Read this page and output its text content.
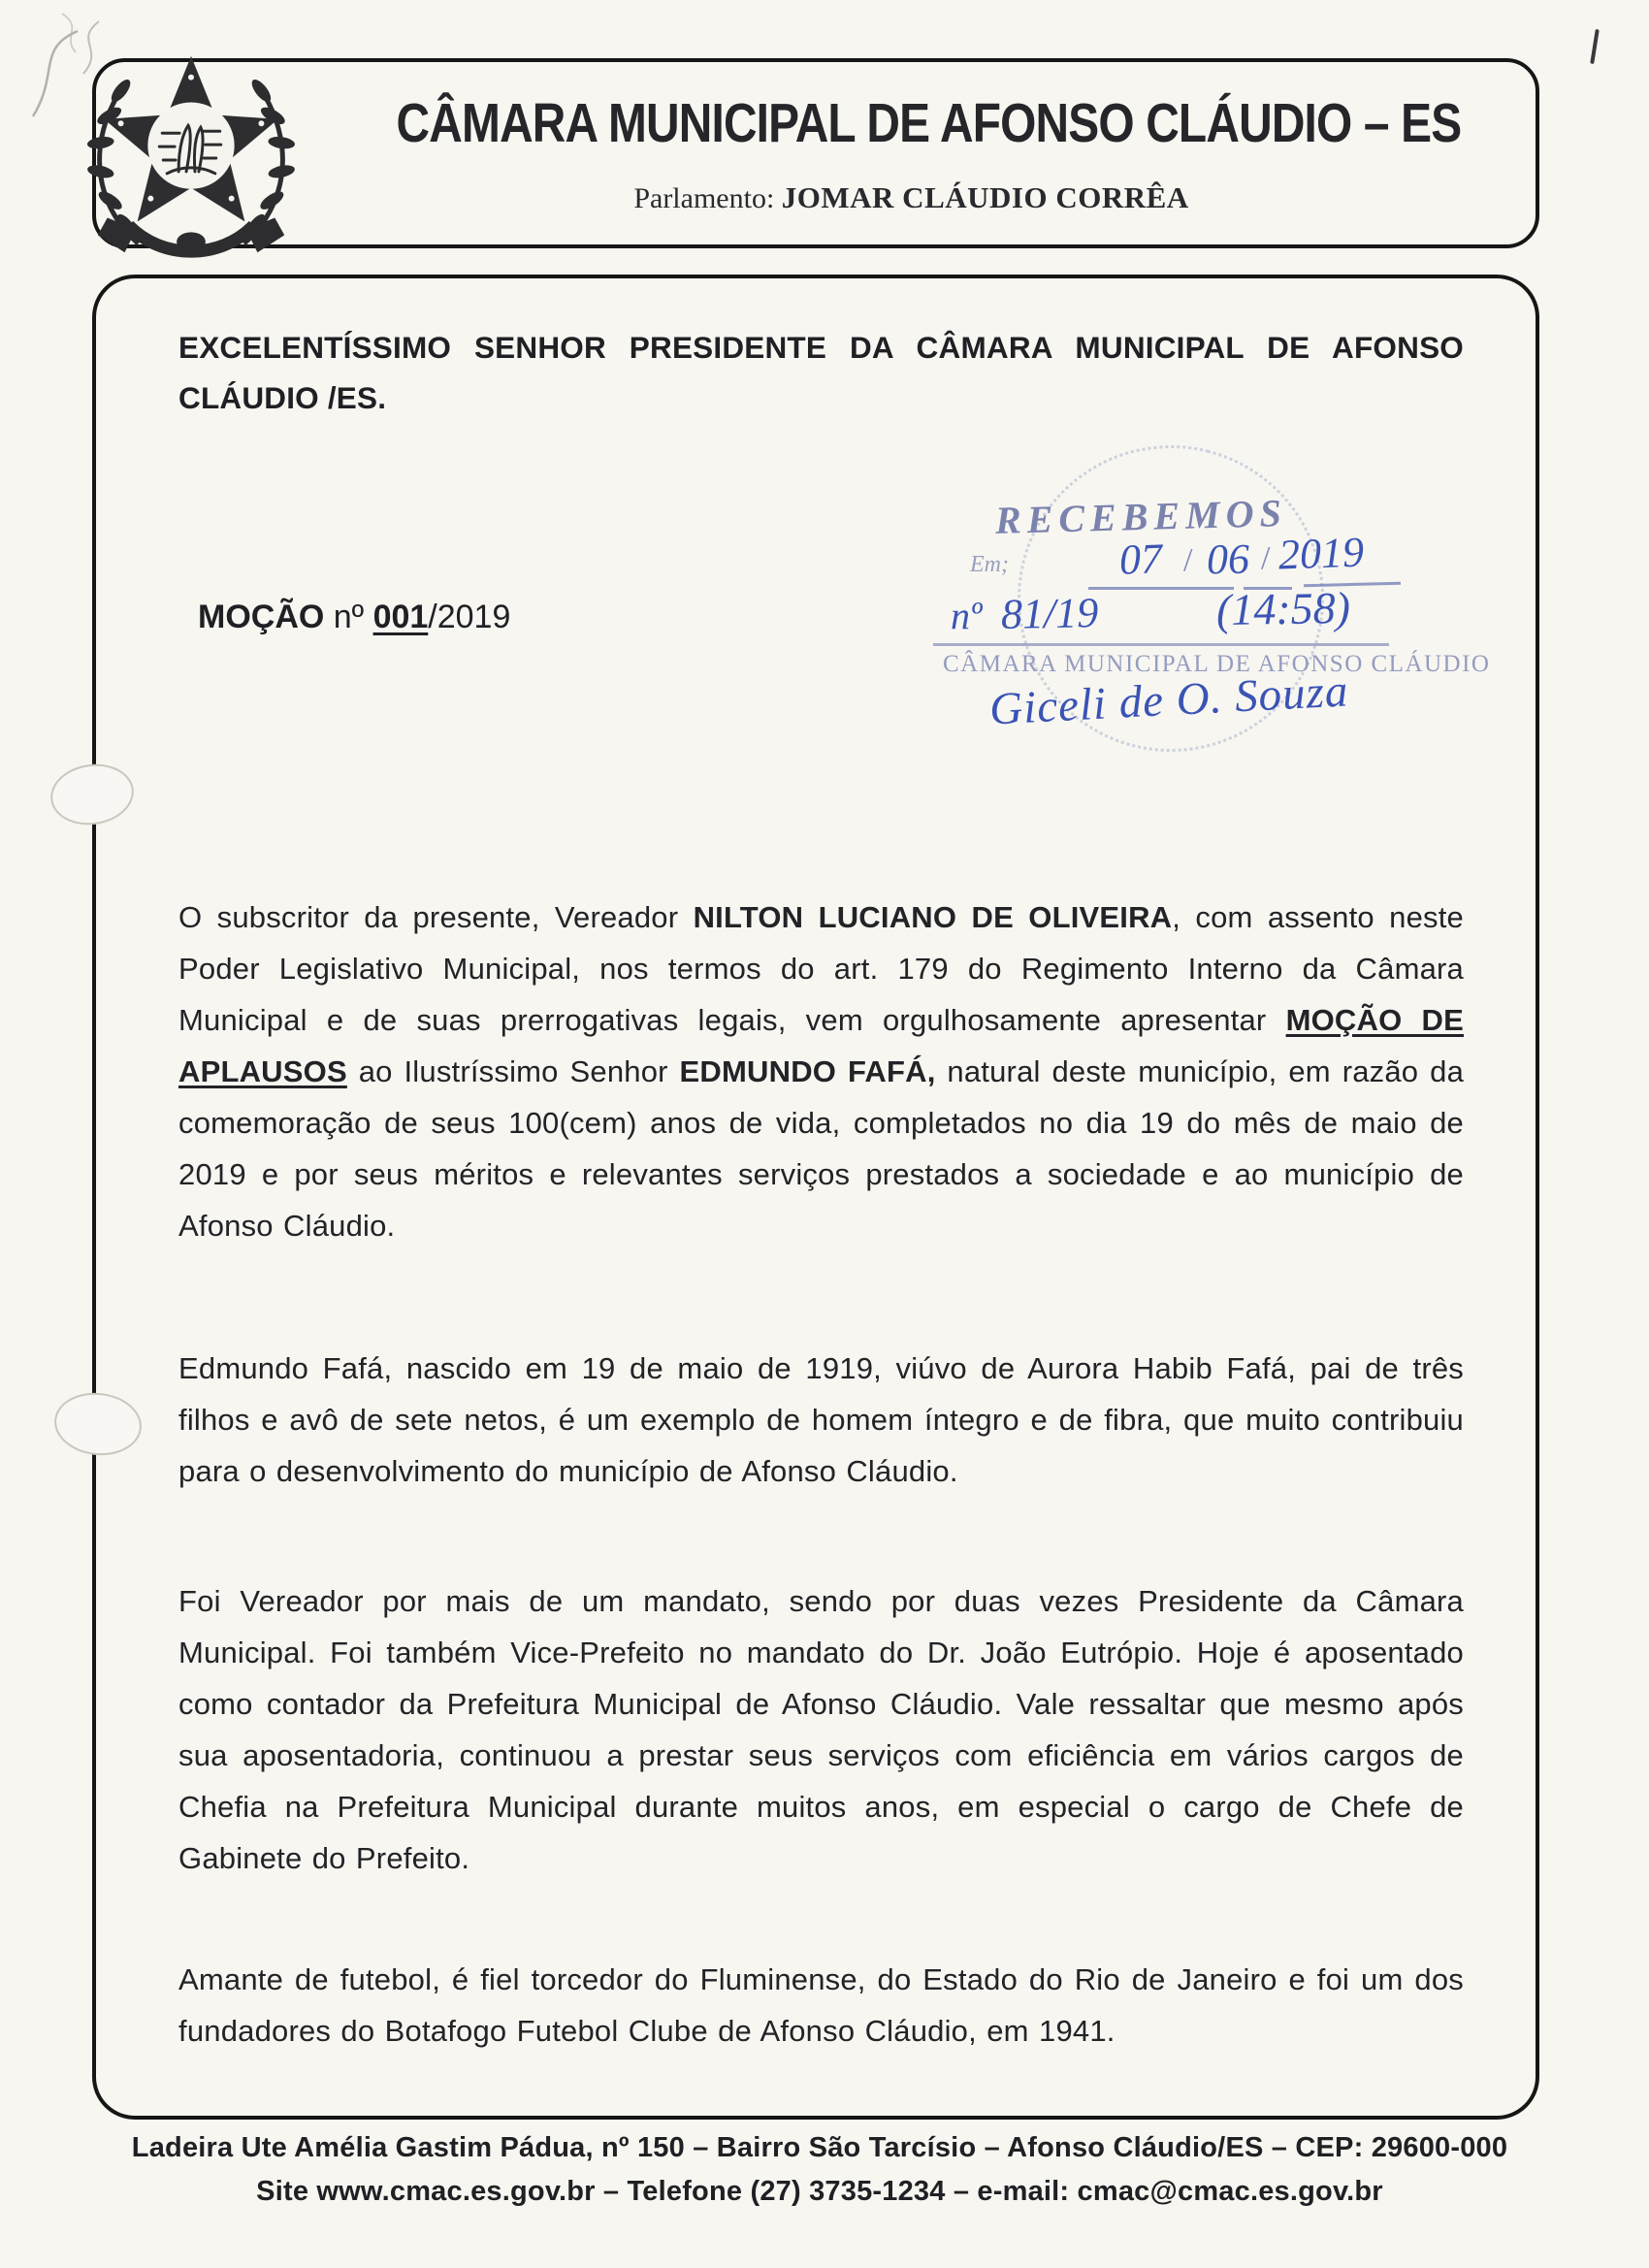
CÂMARA MUNICIPAL DE AFONSO CLÁUDIO – ES
Parlamento: JOMAR CLÁUDIO CORRÊA
EXCELENTÍSSIMO SENHOR PRESIDENTE DA CÂMARA MUNICIPAL DE AFONSO CLÁUDIO /ES.
RECEBEMOS
Em;	07 / 06 / 2019
nº 81/19	(14:58)
CÂMARA MUNICIPAL DE AFONSO CLÁUDIO
Giceli de O. Souza
MOÇÃO nº 001/2019
O subscritor da presente, Vereador NILTON LUCIANO DE OLIVEIRA, com assento neste Poder Legislativo Municipal, nos termos do art. 179 do Regimento Interno da Câmara Municipal e de suas prerrogativas legais, vem orgulhosamente apresentar MOÇÃO DE APLAUSOS ao Ilustríssimo Senhor EDMUNDO FAFÁ, natural deste município, em razão da comemoração de seus 100(cem) anos de vida, completados no dia 19 do mês de maio de 2019 e por seus méritos e relevantes serviços prestados a sociedade e ao município de Afonso Cláudio.
Edmundo Fafá, nascido em 19 de maio de 1919, viúvo de Aurora Habib Fafá, pai de três filhos e avô de sete netos, é um exemplo de homem íntegro e de fibra, que muito contribuiu para o desenvolvimento do município de Afonso Cláudio.
Foi Vereador por mais de um mandato, sendo por duas vezes Presidente da Câmara Municipal. Foi também Vice-Prefeito no mandato do Dr. João Eutrópio. Hoje é aposentado como contador da Prefeitura Municipal de Afonso Cláudio. Vale ressaltar que mesmo após sua aposentadoria, continuou a prestar seus serviços com eficiência em vários cargos de Chefia na Prefeitura Municipal durante muitos anos, em especial o cargo de Chefe de Gabinete do Prefeito.
Amante de futebol, é fiel torcedor do Fluminense, do Estado do Rio de Janeiro e foi um dos fundadores do Botafogo Futebol Clube de Afonso Cláudio, em 1941.
Ladeira Ute Amélia Gastim Pádua, nº 150 – Bairro São Tarcísio – Afonso Cláudio/ES – CEP: 29600-000
Site www.cmac.es.gov.br – Telefone (27) 3735-1234 – e-mail: cmac@cmac.es.gov.br
